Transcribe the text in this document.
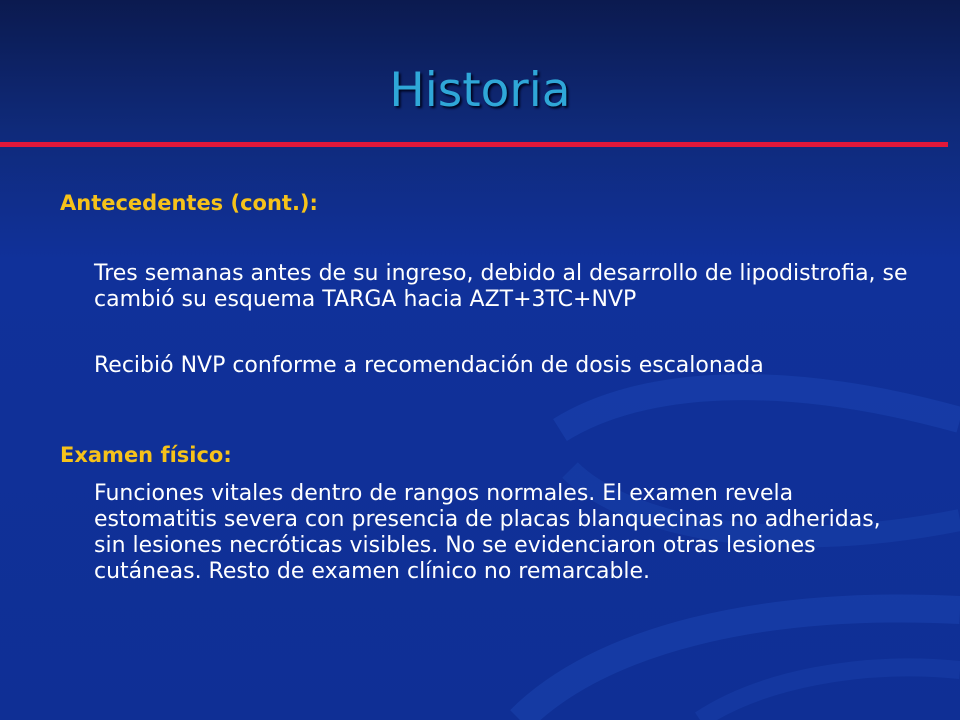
Historia
Antecedentes (cont.):
Tres semanas antes de su ingreso, debido al desarrollo de lipodistrofia, se cambió su esquema TARGA hacia AZT+3TC+NVP
Recibió NVP conforme a recomendación de dosis escalonada
Examen físico:
Funciones vitales dentro de rangos normales. El examen revela estomatitis severa con presencia de placas blanquecinas no adheridas, sin lesiones necróticas visibles. No se evidenciaron otras lesiones cutáneas. Resto de examen clínico no remarcable.
